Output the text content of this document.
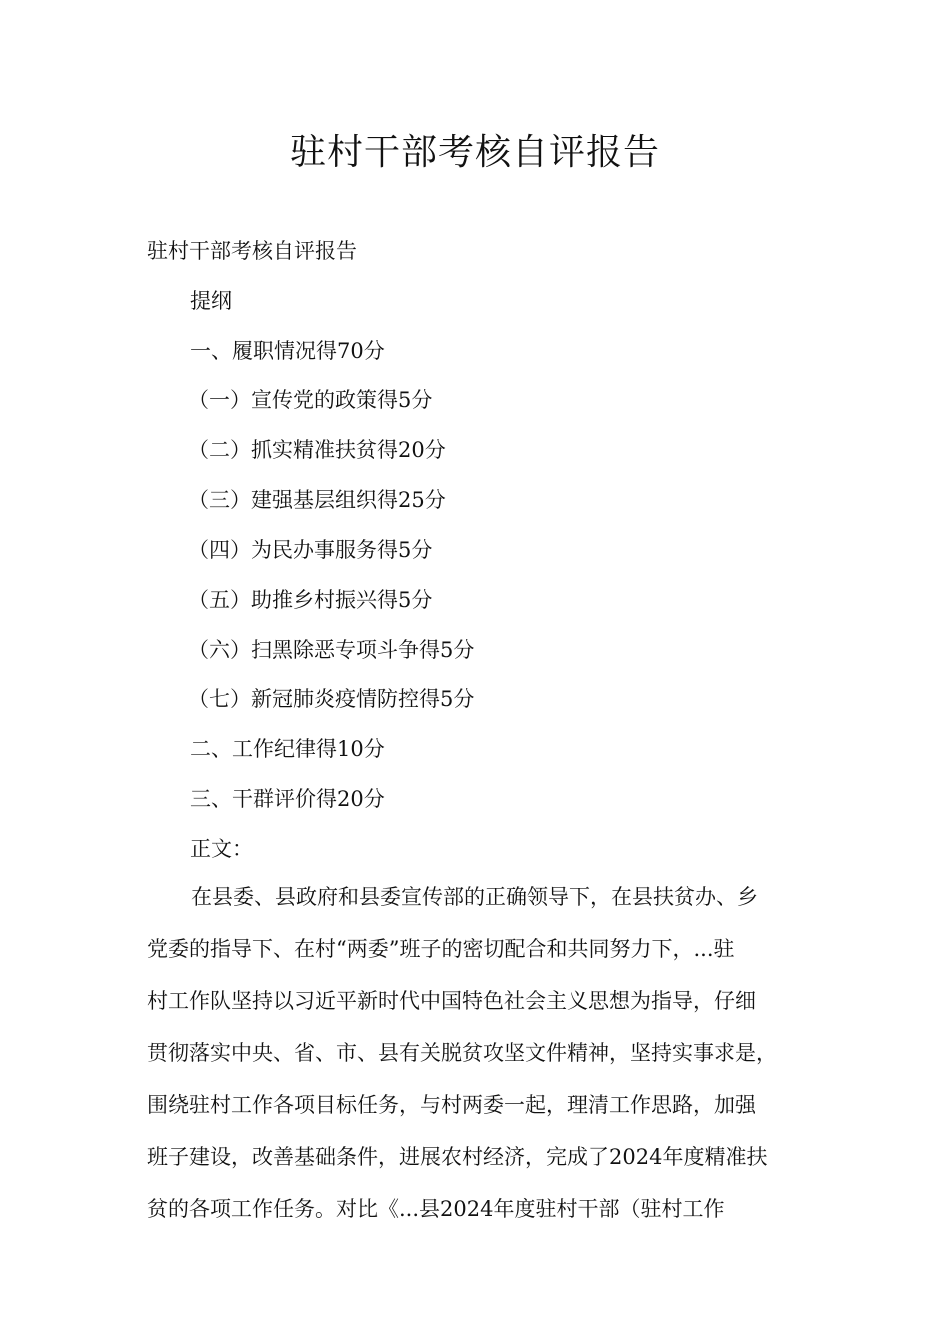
驻村干部考核自评报告

驻村干部考核自评报告

提纲

一、履职情况得70分

（一）宣传党的政策得5分

（二）抓实精准扶贫得20分

（三）建强基层组织得25分

（四）为民办事服务得5分

（五）助推乡村振兴得5分

（六）扫黑除恶专项斗争得5分

（七）新冠肺炎疫情防控得5分

二、工作纪律得10分

三、干群评价得20分

正文：

在县委、县政府和县委宣传部的正确领导下，在县扶贫办、乡
党委的指导下、在村“两委”班子的密切配合和共同努力下，...驻
村工作队坚持以习近平新时代中国特色社会主义思想为指导，仔细
贯彻落实中央、省、市、县有关脱贫攻坚文件精神，坚持实事求是，
围绕驻村工作各项目标任务，与村两委一起，理清工作思路，加强
班子建设，改善基础条件，进展农村经济，完成了2024年度精准扶
贫的各项工作任务。对比《...县2024年度驻村干部（驻村工作
